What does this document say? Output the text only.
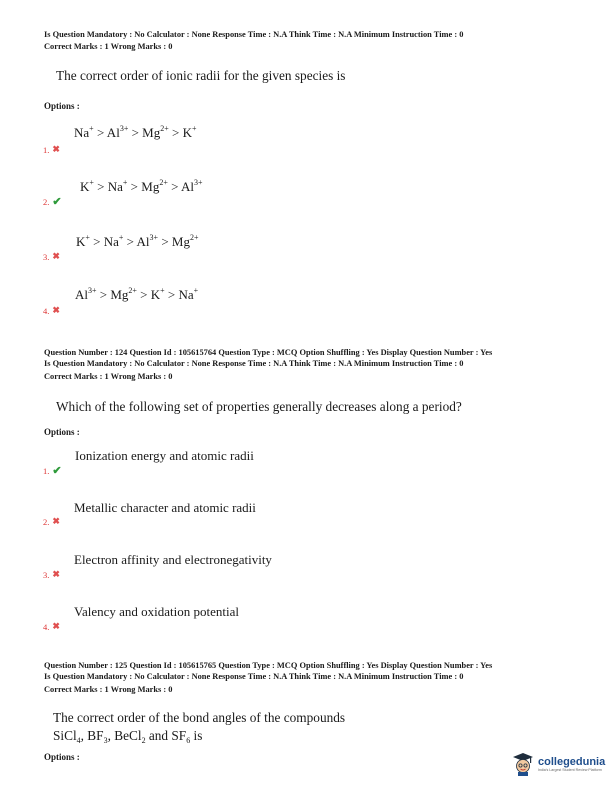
Is Question Mandatory : No Calculator : None Response Time : N.A Think Time : N.A Minimum Instruction Time : 0
Correct Marks : 1 Wrong Marks : 0
The correct order of ionic radii for the given species is
Options :
$Na^+ > Al^{3+} > Mg^{2+} > K^+$
1. ✖
$K^+ > Na^+ > Mg^{2+} > Al^{3+}$
2. ✔
$K^+ > Na^+ > Al^{3+} > Mg^{2+}$
3. ✖
$Al^{3+} > Mg^{2+} > K^+ > Na^+$
4. ✖
Question Number : 124 Question Id : 105615764 Question Type : MCQ Option Shuffling : Yes Display Question Number : Yes
Is Question Mandatory : No Calculator : None Response Time : N.A Think Time : N.A Minimum Instruction Time : 0
Correct Marks : 1 Wrong Marks : 0
Which of the following set of properties generally decreases along a period?
Options :
Ionization energy and atomic radii
1. ✔
Metallic character and atomic radii
2. ✖
Electron affinity and electronegativity
3. ✖
Valency and oxidation potential
4. ✖
Question Number : 125 Question Id : 105615765 Question Type : MCQ Option Shuffling : Yes Display Question Number : Yes
Is Question Mandatory : No Calculator : None Response Time : N.A Think Time : N.A Minimum Instruction Time : 0
Correct Marks : 1 Wrong Marks : 0
The correct order of the bond angles of the compounds
SiCl$_4$, $BF_3$, BeCl$_2$ and $SF_6$ is
Options :	collegedunia
India's Largest Student Review Platform
